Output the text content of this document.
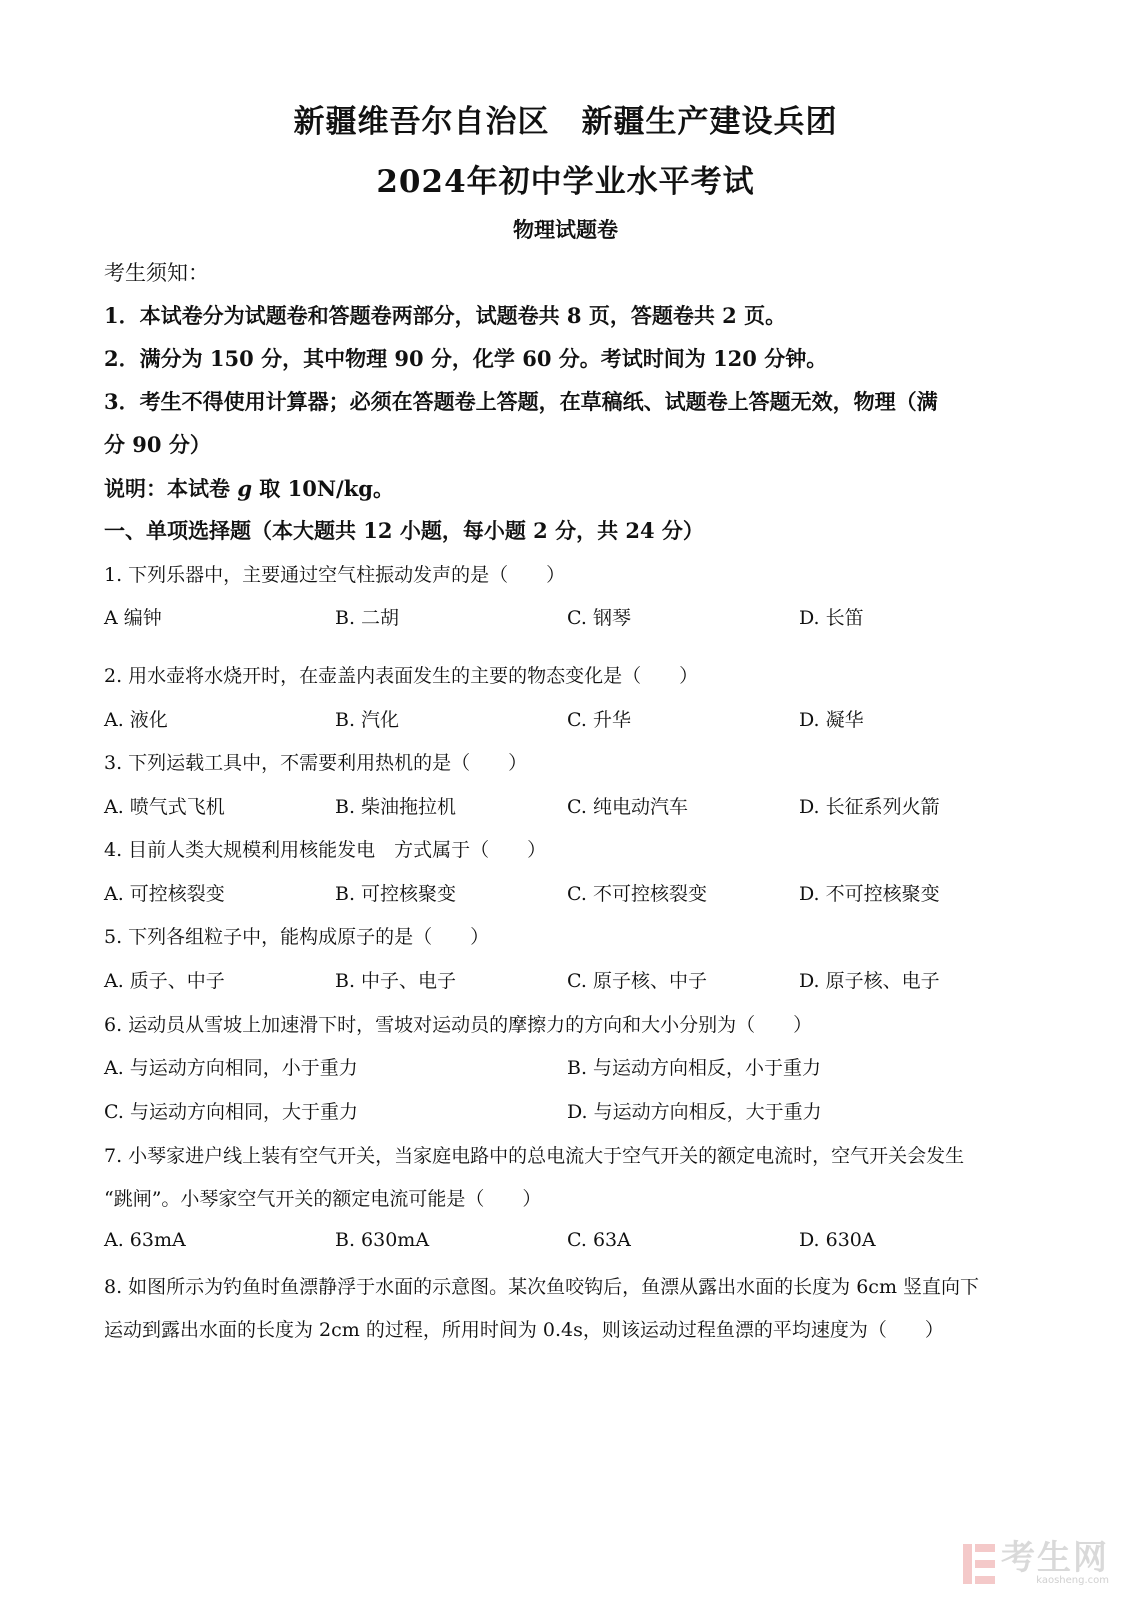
新疆维吾尔自治区　新疆生产建设兵团
2024年初中学业水平考试
物理试题卷
考生须知：
1．本试卷分为试题卷和答题卷两部分，试题卷共 8 页，答题卷共 2 页。
2．满分为 150 分，其中物理 90 分，化学 60 分。考试时间为 120 分钟。
3．考生不得使用计算器；必须在答题卷上答题，在草稿纸、试题卷上答题无效，物理（满
分 90 分）
说明：本试卷 g 取 10N/kg。
一、单项选择题（本大题共 12 小题，每小题 2 分，共 24 分）
1. 下列乐器中，主要通过空气柱振动发声的是（　　）
A 编钟	B. 二胡	C. 钢琴	D. 长笛
2. 用水壶将水烧开时，在壶盖内表面发生的主要的物态变化是（　　）
A. 液化	B. 汽化	C. 升华	D. 凝华
3. 下列运载工具中，不需要利用热机的是（　　）
A. 喷气式飞机	B. 柴油拖拉机	C. 纯电动汽车	D. 长征系列火箭
4. 目前人类大规模利用核能发电　方式属于（　　）
A. 可控核裂变	B. 可控核聚变	C. 不可控核裂变	D. 不可控核聚变
5. 下列各组粒子中，能构成原子的是（　　）
A. 质子、中子	B. 中子、电子	C. 原子核、中子	D. 原子核、电子
6. 运动员从雪坡上加速滑下时，雪坡对运动员的摩擦力的方向和大小分别为（　　）
A. 与运动方向相同，小于重力	B. 与运动方向相反，小于重力
C. 与运动方向相同，大于重力	D. 与运动方向相反，大于重力
7. 小琴家进户线上装有空气开关，当家庭电路中的总电流大于空气开关的额定电流时，空气开关会发生
“跳闸”。小琴家空气开关的额定电流可能是（　　）
A. 63mA	B. 630mA	C. 63A	D. 630A
8. 如图所示为钓鱼时鱼漂静浮于水面的示意图。某次鱼咬钩后，鱼漂从露出水面的长度为 6cm 竖直向下
运动到露出水面的长度为 2cm 的过程，所用时间为 0.4s，则该运动过程鱼漂的平均速度为（　　）
考生网
kaosheng.com
